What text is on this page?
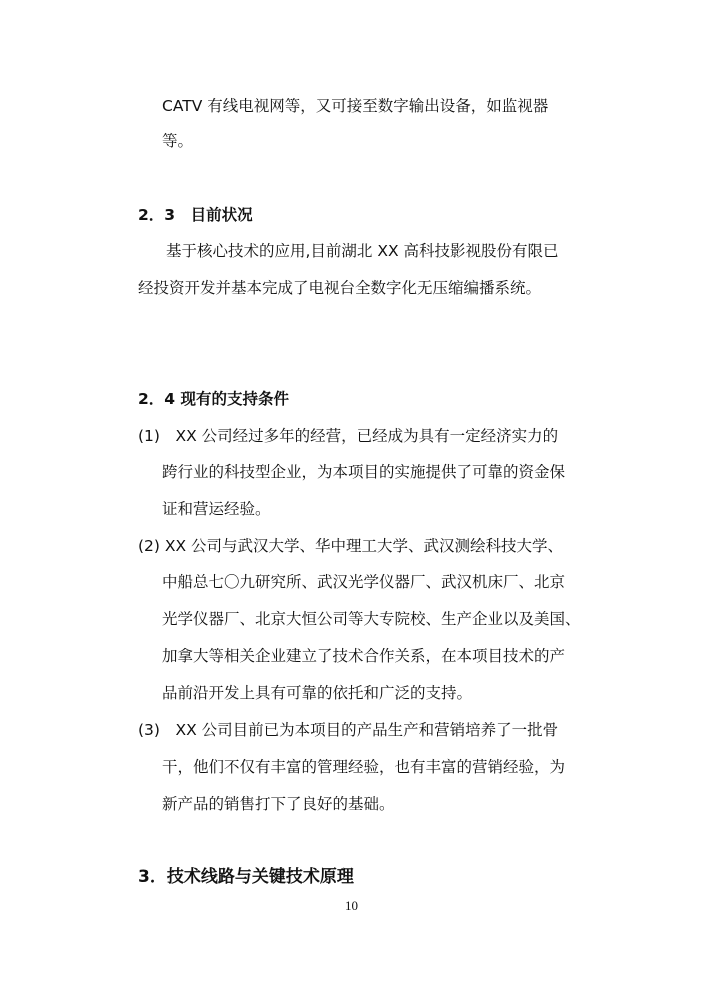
CATV 有线电视网等，又可接至数字输出设备，如监视器
等。
2．3　目前状况
基于核心技术的应用,目前湖北 XX 高科技影视股份有限已
经投资开发并基本完成了电视台全数字化无压缩编播系统。
2．4 现有的支持条件
(1)　XX 公司经过多年的经营，已经成为具有一定经济实力的
跨行业的科技型企业，为本项目的实施提供了可靠的资金保
证和营运经验。
(2) XX 公司与武汉大学、华中理工大学、武汉测绘科技大学、
中船总七〇九研究所、武汉光学仪器厂、武汉机床厂、北京
光学仪器厂、北京大恒公司等大专院校、生产企业以及美国、
加拿大等相关企业建立了技术合作关系，在本项目技术的产
品前沿开发上具有可靠的依托和广泛的支持。
(3)　XX 公司目前已为本项目的产品生产和营销培养了一批骨
干，他们不仅有丰富的管理经验，也有丰富的营销经验，为
新产品的销售打下了良好的基础。
3．技术线路与关键技术原理
10
